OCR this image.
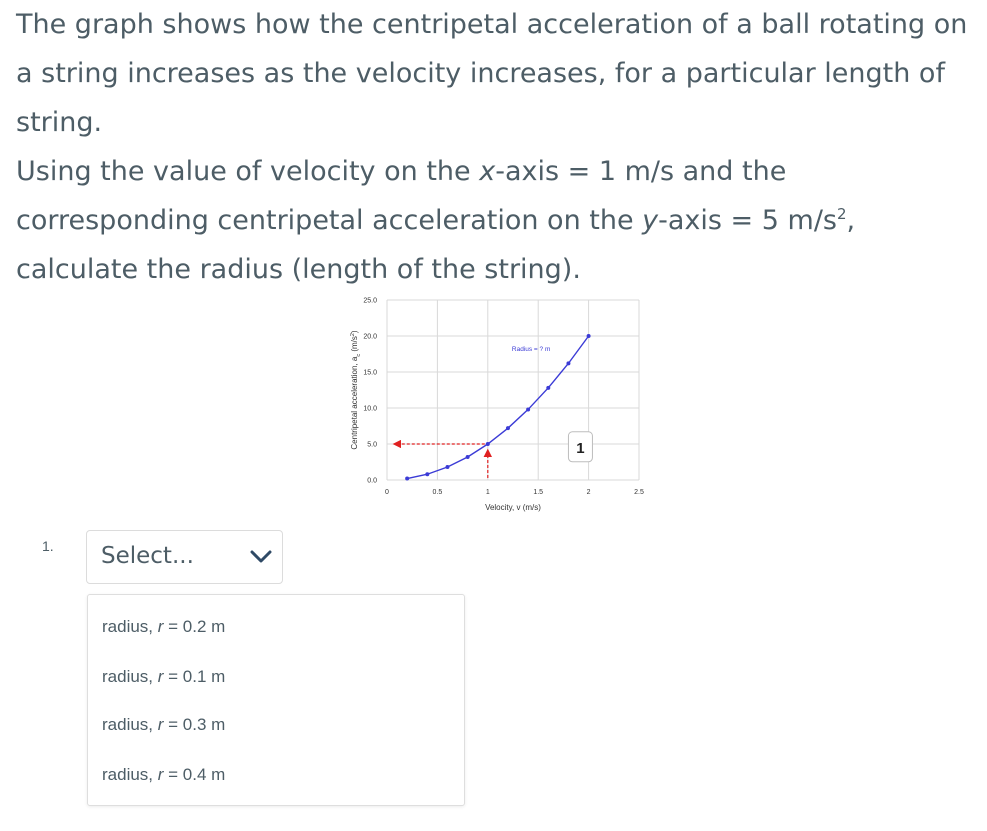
The graph shows how the centripetal acceleration of a ball rotating on a string increases as the velocity increases, for a particular length of string.

Using the value of velocity on the x-axis = 1 m/s and the corresponding centripetal acceleration on the y-axis = 5 $m/s^2$, calculate the radius (length of the string).

0	0.5	1	1.5	2	2.5
0.0
5.0
10.0
15.0
20.0
25.0
1
Radius = ? m
Velocity, v (m/s)
Centripetal acceleration, $a_c$ $(m/s^2)$
1. Select...
radius, r = 0.2 m
radius, r = 0.1 m
radius, r = 0.3 m
radius, r = 0.4 m
